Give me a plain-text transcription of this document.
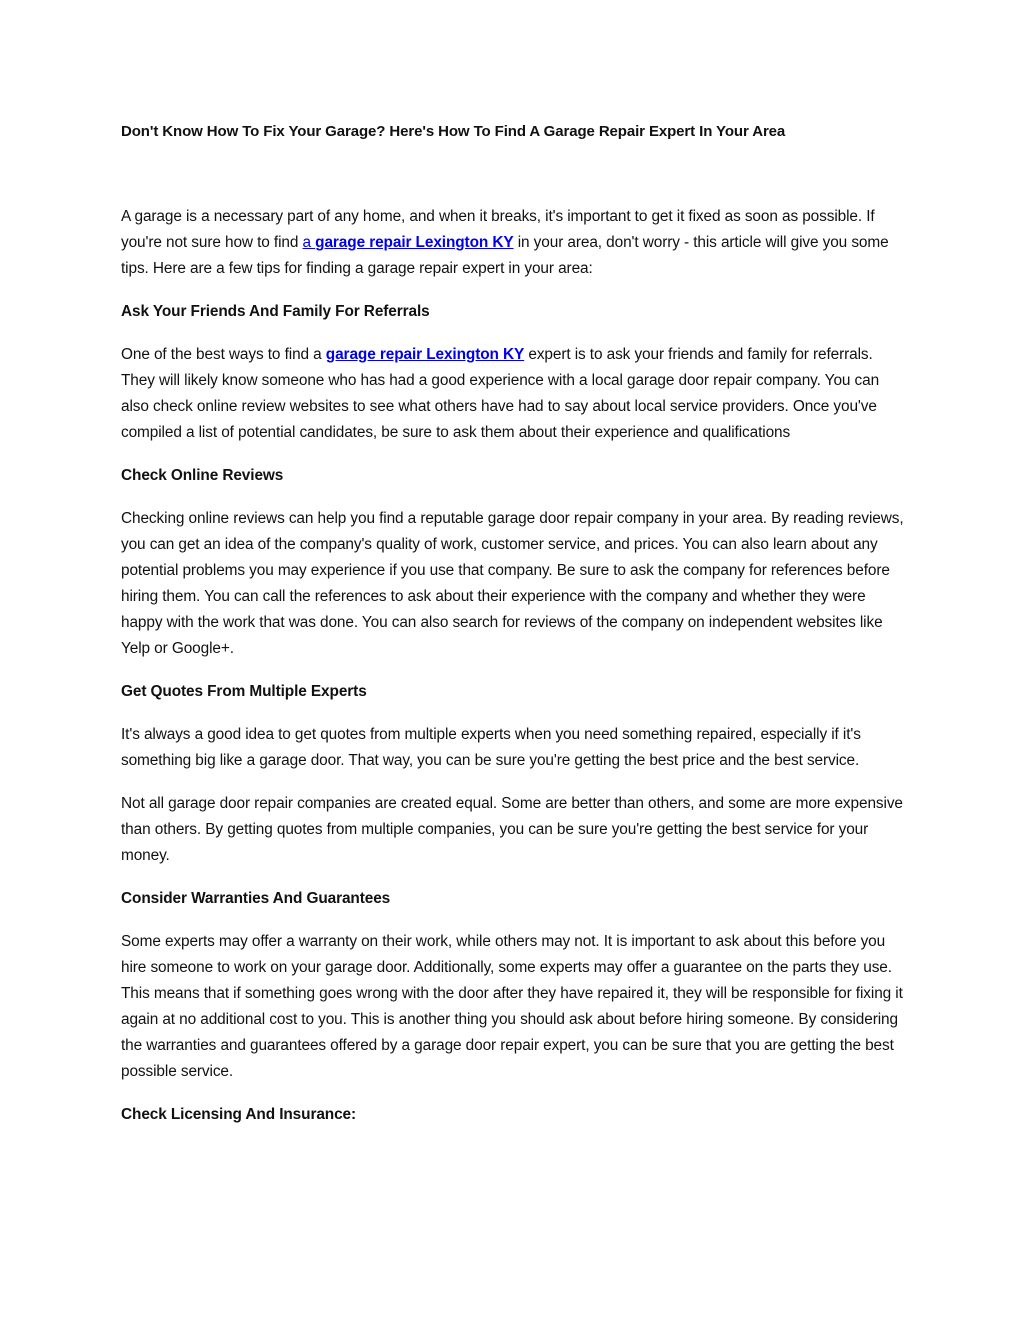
Don't Know How To Fix Your Garage? Here's How To Find A Garage Repair Expert In Your Area

A garage is a necessary part of any home, and when it breaks, it's important to get it fixed as soon as possible. If you're not sure how to find a garage repair Lexington KY in your area, don't worry - this article will give you some tips. Here are a few tips for finding a garage repair expert in your area:

Ask Your Friends And Family For Referrals

One of the best ways to find a garage repair Lexington KY expert is to ask your friends and family for referrals. They will likely know someone who has had a good experience with a local garage door repair company. You can also check online review websites to see what others have had to say about local service providers. Once you've compiled a list of potential candidates, be sure to ask them about their experience and qualifications

Check Online Reviews

Checking online reviews can help you find a reputable garage door repair company in your area. By reading reviews, you can get an idea of the company's quality of work, customer service, and prices. You can also learn about any potential problems you may experience if you use that company. Be sure to ask the company for references before hiring them. You can call the references to ask about their experience with the company and whether they were happy with the work that was done. You can also search for reviews of the company on independent websites like Yelp or Google+.

Get Quotes From Multiple Experts

It's always a good idea to get quotes from multiple experts when you need something repaired, especially if it's something big like a garage door. That way, you can be sure you're getting the best price and the best service.

Not all garage door repair companies are created equal. Some are better than others, and some are more expensive than others. By getting quotes from multiple companies, you can be sure you're getting the best service for your money.

Consider Warranties And Guarantees

Some experts may offer a warranty on their work, while others may not. It is important to ask about this before you hire someone to work on your garage door. Additionally, some experts may offer a guarantee on the parts they use. This means that if something goes wrong with the door after they have repaired it, they will be responsible for fixing it again at no additional cost to you. This is another thing you should ask about before hiring someone. By considering the warranties and guarantees offered by a garage door repair expert, you can be sure that you are getting the best possible service.

Check Licensing And Insurance:
